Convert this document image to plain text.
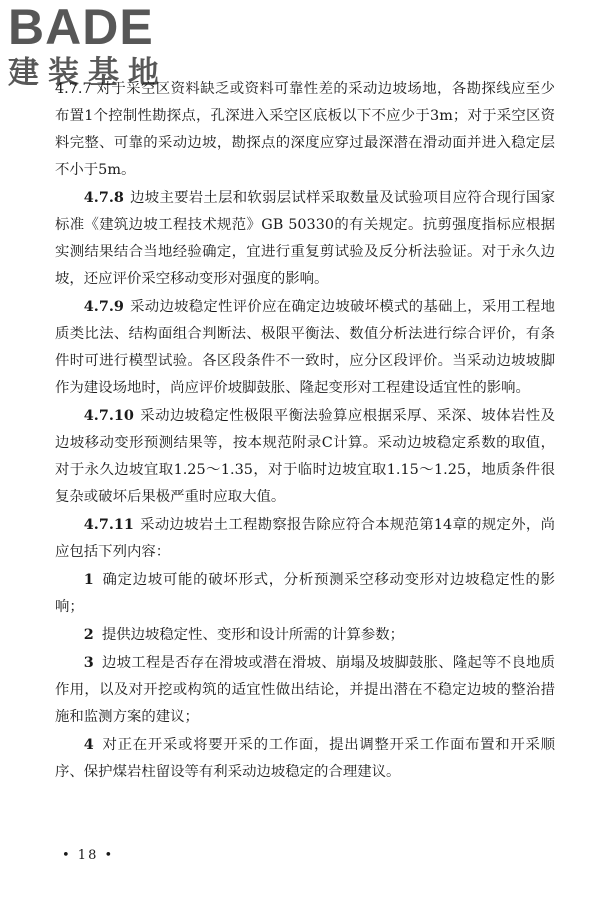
BADE
建装基地

4.7.7 对于采空区资料缺乏或资料可靠性差的采动边坡场地，各勘探线应至少布置1个控制性勘探点，孔深进入采空区底板以下不应少于3m；对于采空区资料完整、可靠的采动边坡，勘探点的深度应穿过最深潜在滑动面并进入稳定层不小于5m。

4.7.8 边坡主要岩土层和软弱层试样采取数量及试验项目应符合现行国家标准《建筑边坡工程技术规范》GB 50330的有关规定。抗剪强度指标应根据实测结果结合当地经验确定，宜进行重复剪试验及反分析法验证。对于永久边坡，还应评价采空移动变形对强度的影响。

4.7.9 采动边坡稳定性评价应在确定边坡破坏模式的基础上，采用工程地质类比法、结构面组合判断法、极限平衡法、数值分析法进行综合评价，有条件时可进行模型试验。各区段条件不一致时，应分区段评价。当采动边坡坡脚作为建设场地时，尚应评价坡脚鼓胀、隆起变形对工程建设适宜性的影响。

4.7.10 采动边坡稳定性极限平衡法验算应根据采厚、采深、坡体岩性及边坡移动变形预测结果等，按本规范附录C计算。采动边坡稳定系数的取值，对于永久边坡宜取1.25～1.35，对于临时边坡宜取1.15～1.25，地质条件很复杂或破坏后果极严重时应取大值。

4.7.11 采动边坡岩土工程勘察报告除应符合本规范第14章的规定外，尚应包括下列内容：

1 确定边坡可能的破坏形式，分析预测采空移动变形对边坡稳定性的影响；

2 提供边坡稳定性、变形和设计所需的计算参数；

3 边坡工程是否存在滑坡或潜在滑坡、崩塌及坡脚鼓胀、隆起等不良地质作用，以及对开挖或构筑的适宜性做出结论，并提出潜在不稳定边坡的整治措施和监测方案的建议；

4 对正在开采或将要开采的工作面，提出调整开采工作面布置和开采顺序、保护煤岩柱留设等有利采动边坡稳定的合理建议。

• 18 •
